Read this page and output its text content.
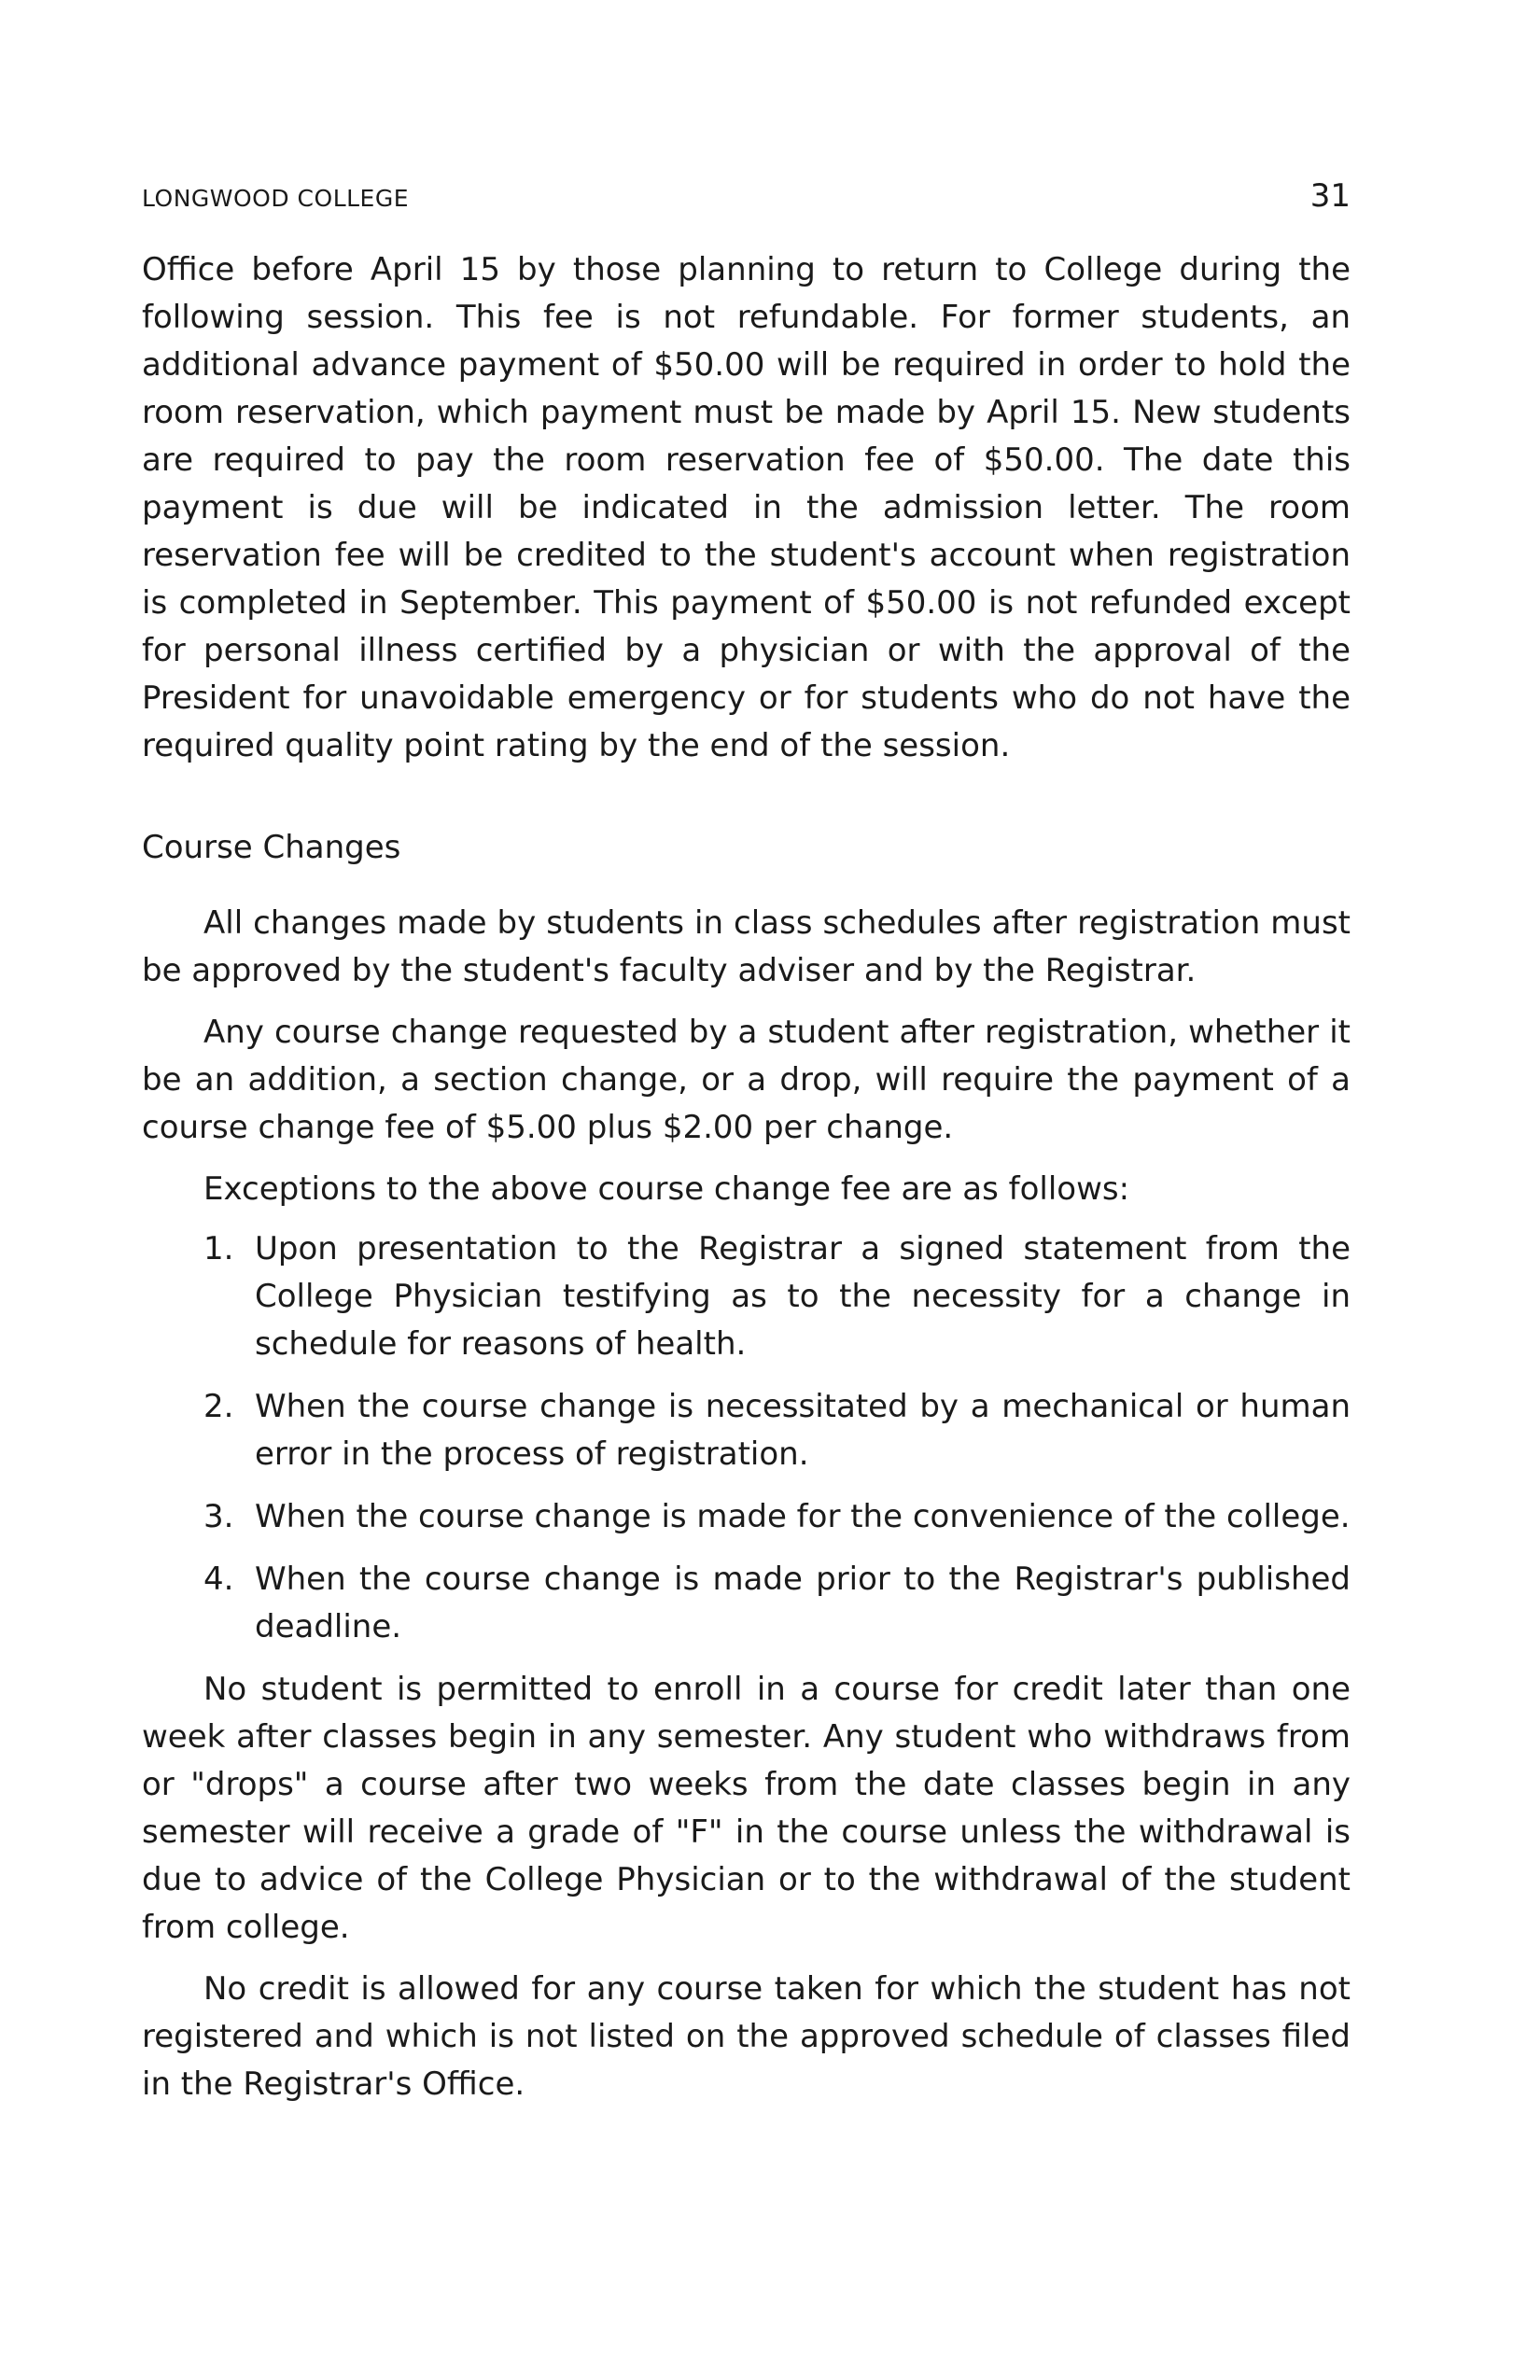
LONGWOOD COLLEGE	31

Office before April 15 by those planning to return to College during the following session. This fee is not refundable. For former students, an additional advance payment of $50.00 will be required in order to hold the room reservation, which payment must be made by April 15. New students are required to pay the room reservation fee of $50.00. The date this payment is due will be indicated in the admission letter. The room reservation fee will be credited to the student's account when registration is completed in September. This payment of $50.00 is not refunded except for personal illness certified by a physician or with the approval of the President for unavoidable emergency or for students who do not have the required quality point rating by the end of the session.

Course Changes

All changes made by students in class schedules after registration must be approved by the student's faculty adviser and by the Registrar.

Any course change requested by a student after registration, whether it be an addition, a section change, or a drop, will require the payment of a course change fee of $5.00 plus $2.00 per change.

Exceptions to the above course change fee are as follows:

1. Upon presentation to the Registrar a signed statement from the College Physician testifying as to the necessity for a change in schedule for reasons of health.
2. When the course change is necessitated by a mechanical or human error in the process of registration.
3. When the course change is made for the convenience of the college.
4. When the course change is made prior to the Registrar's published deadline.

No student is permitted to enroll in a course for credit later than one week after classes begin in any semester. Any student who withdraws from or "drops" a course after two weeks from the date classes begin in any semester will receive a grade of "F" in the course unless the withdrawal is due to advice of the College Physician or to the withdrawal of the student from college.

No credit is allowed for any course taken for which the student has not registered and which is not listed on the approved schedule of classes filed in the Registrar's Office.
